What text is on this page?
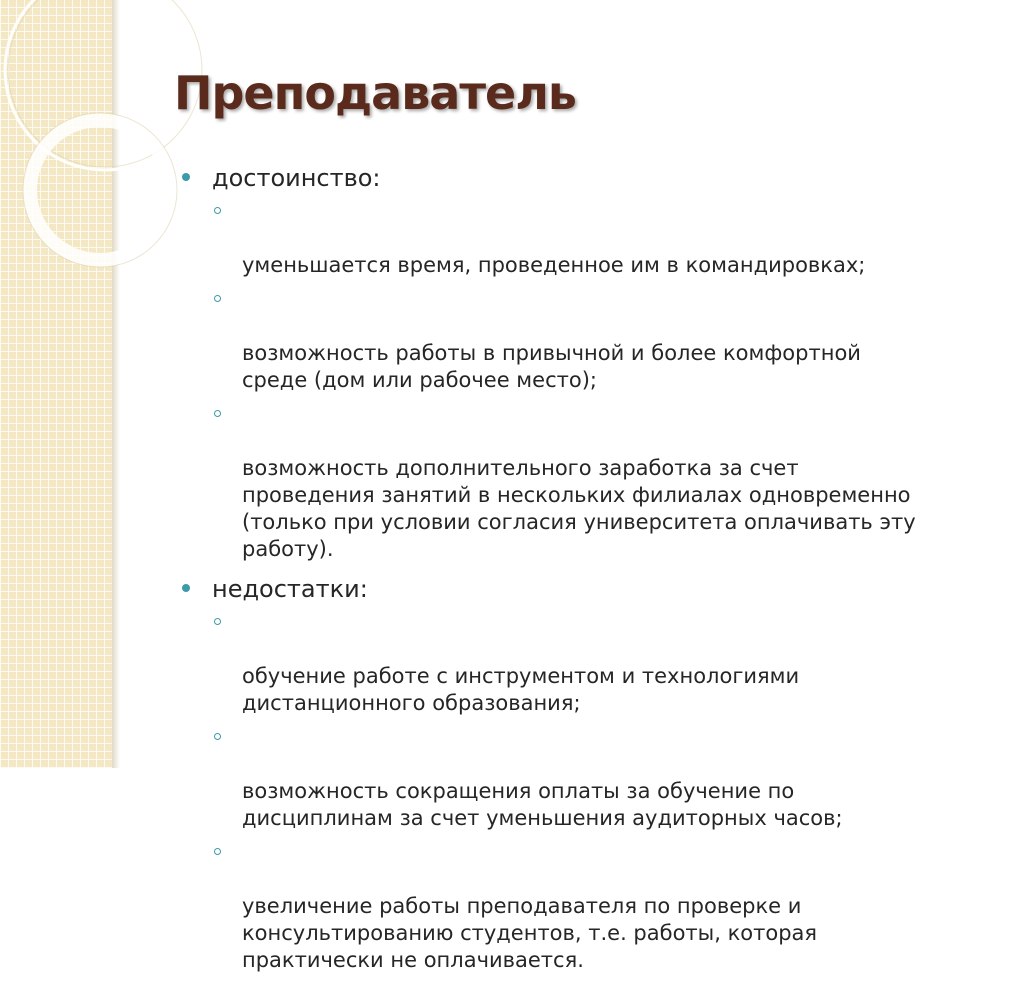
Преподаватель
достоинство:

уменьшается время, проведенное им в командировках;

возможность работы в привычной и более комфортной
среде (дом или рабочее место);

возможность дополнительного заработка за счет
проведения занятий в нескольких филиалах одновременно
(только при условии согласия университета оплачивать эту
работу).

недостатки:

обучение работе с инструментом и технологиями
дистанционного образования;

возможность сокращения оплаты за обучение по
дисциплинам за счет уменьшения аудиторных часов;

увеличение работы преподавателя по проверке и
консультированию студентов, т.е. работы, которая
практически не оплачивается.
